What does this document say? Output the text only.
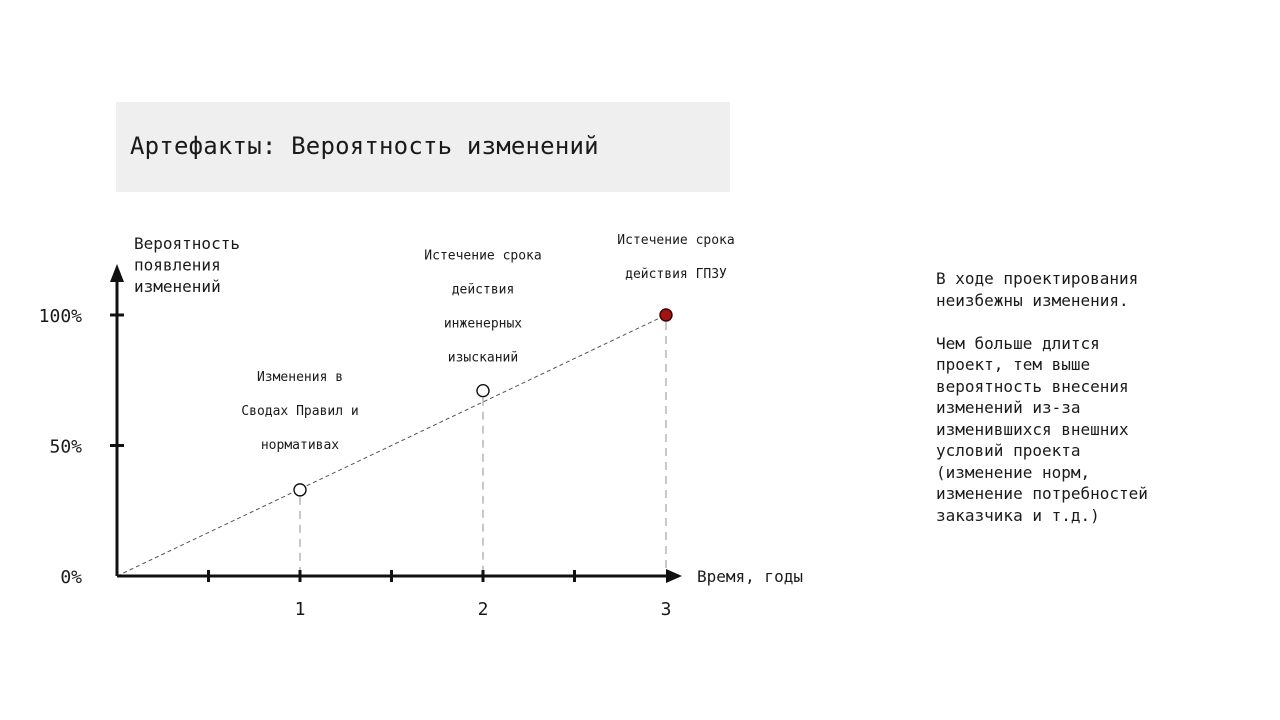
Артефакты: Вероятность изменений
1	2	3
0%
50%
100%
Вероятность
появления
изменений
Время, годы
Изменения в
Сводах Правил и
нормативах
Истечение срока
действия
инженерных
изысканий
Истечение срока
действия ГПЗУ	В ходе проектирования
неизбежны изменения.

Чем больше длится
проект, тем выше
вероятность внесения
изменений из-за
изменившихся внешних
условий проекта
(изменение норм,
изменение потребностей
заказчика и т.д.)
